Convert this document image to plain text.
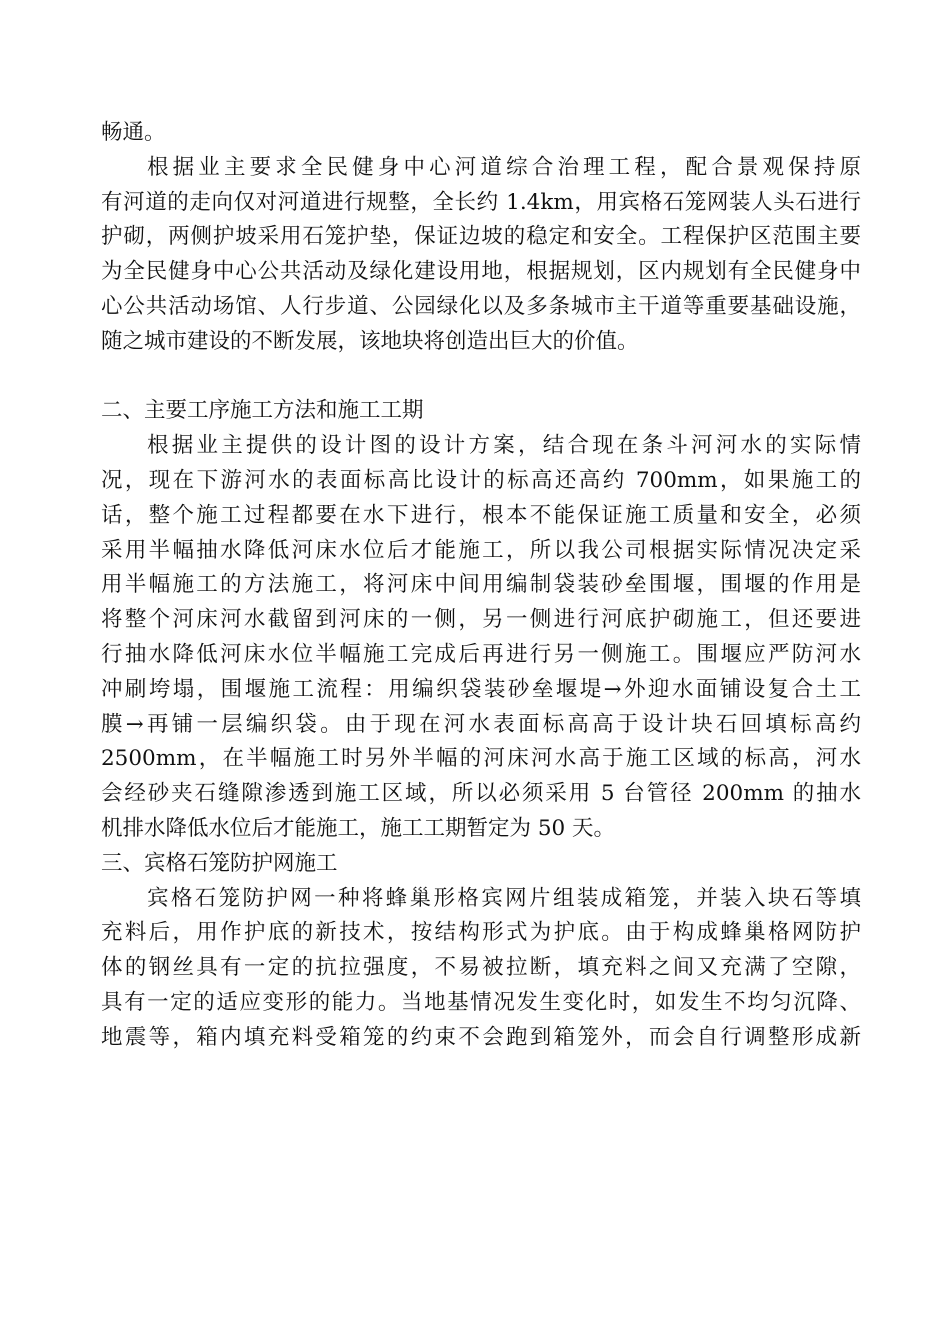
畅通。
根据业主要求全民健身中心河道综合治理工程，配合景观保持原
有河道的走向仅对河道进行规整，全长约 1.4km，用宾格石笼网装人头石进行
护砌，两侧护坡采用石笼护垫，保证边坡的稳定和安全。工程保护区范围主要
为全民健身中心公共活动及绿化建设用地，根据规划，区内规划有全民健身中
心公共活动场馆、人行步道、公园绿化以及多条城市主干道等重要基础设施，
随之城市建设的不断发展，该地块将创造出巨大的价值。
二、主要工序施工方法和施工工期
根据业主提供的设计图的设计方案，结合现在条斗河河水的实际情
况，现在下游河水的表面标高比设计的标高还高约 700mm，如果施工的
话，整个施工过程都要在水下进行，根本不能保证施工质量和安全，必须
采用半幅抽水降低河床水位后才能施工，所以我公司根据实际情况决定采
用半幅施工的方法施工，将河床中间用编制袋装砂垒围堰，围堰的作用是
将整个河床河水截留到河床的一侧，另一侧进行河底护砌施工，但还要进
行抽水降低河床水位半幅施工完成后再进行另一侧施工。围堰应严防河水
冲刷垮塌，围堰施工流程：用编织袋装砂垒堰堤→外迎水面铺设复合土工
膜→再铺一层编织袋。由于现在河水表面标高高于设计块石回填标高约
2500mm，在半幅施工时另外半幅的河床河水高于施工区域的标高，河水
会经砂夹石缝隙渗透到施工区域，所以必须采用 5 台管径 200mm 的抽水
机排水降低水位后才能施工，施工工期暂定为 50 天。
三、宾格石笼防护网施工
宾格石笼防护网一种将蜂巢形格宾网片组装成箱笼，并装入块石等填
充料后，用作护底的新技术，按结构形式为护底。由于构成蜂巢格网防护
体的钢丝具有一定的抗拉强度，不易被拉断，填充料之间又充满了空隙，
具有一定的适应变形的能力。当地基情况发生变化时，如发生不均匀沉降、
地震等，箱内填充料受箱笼的约束不会跑到箱笼外，而会自行调整形成新
